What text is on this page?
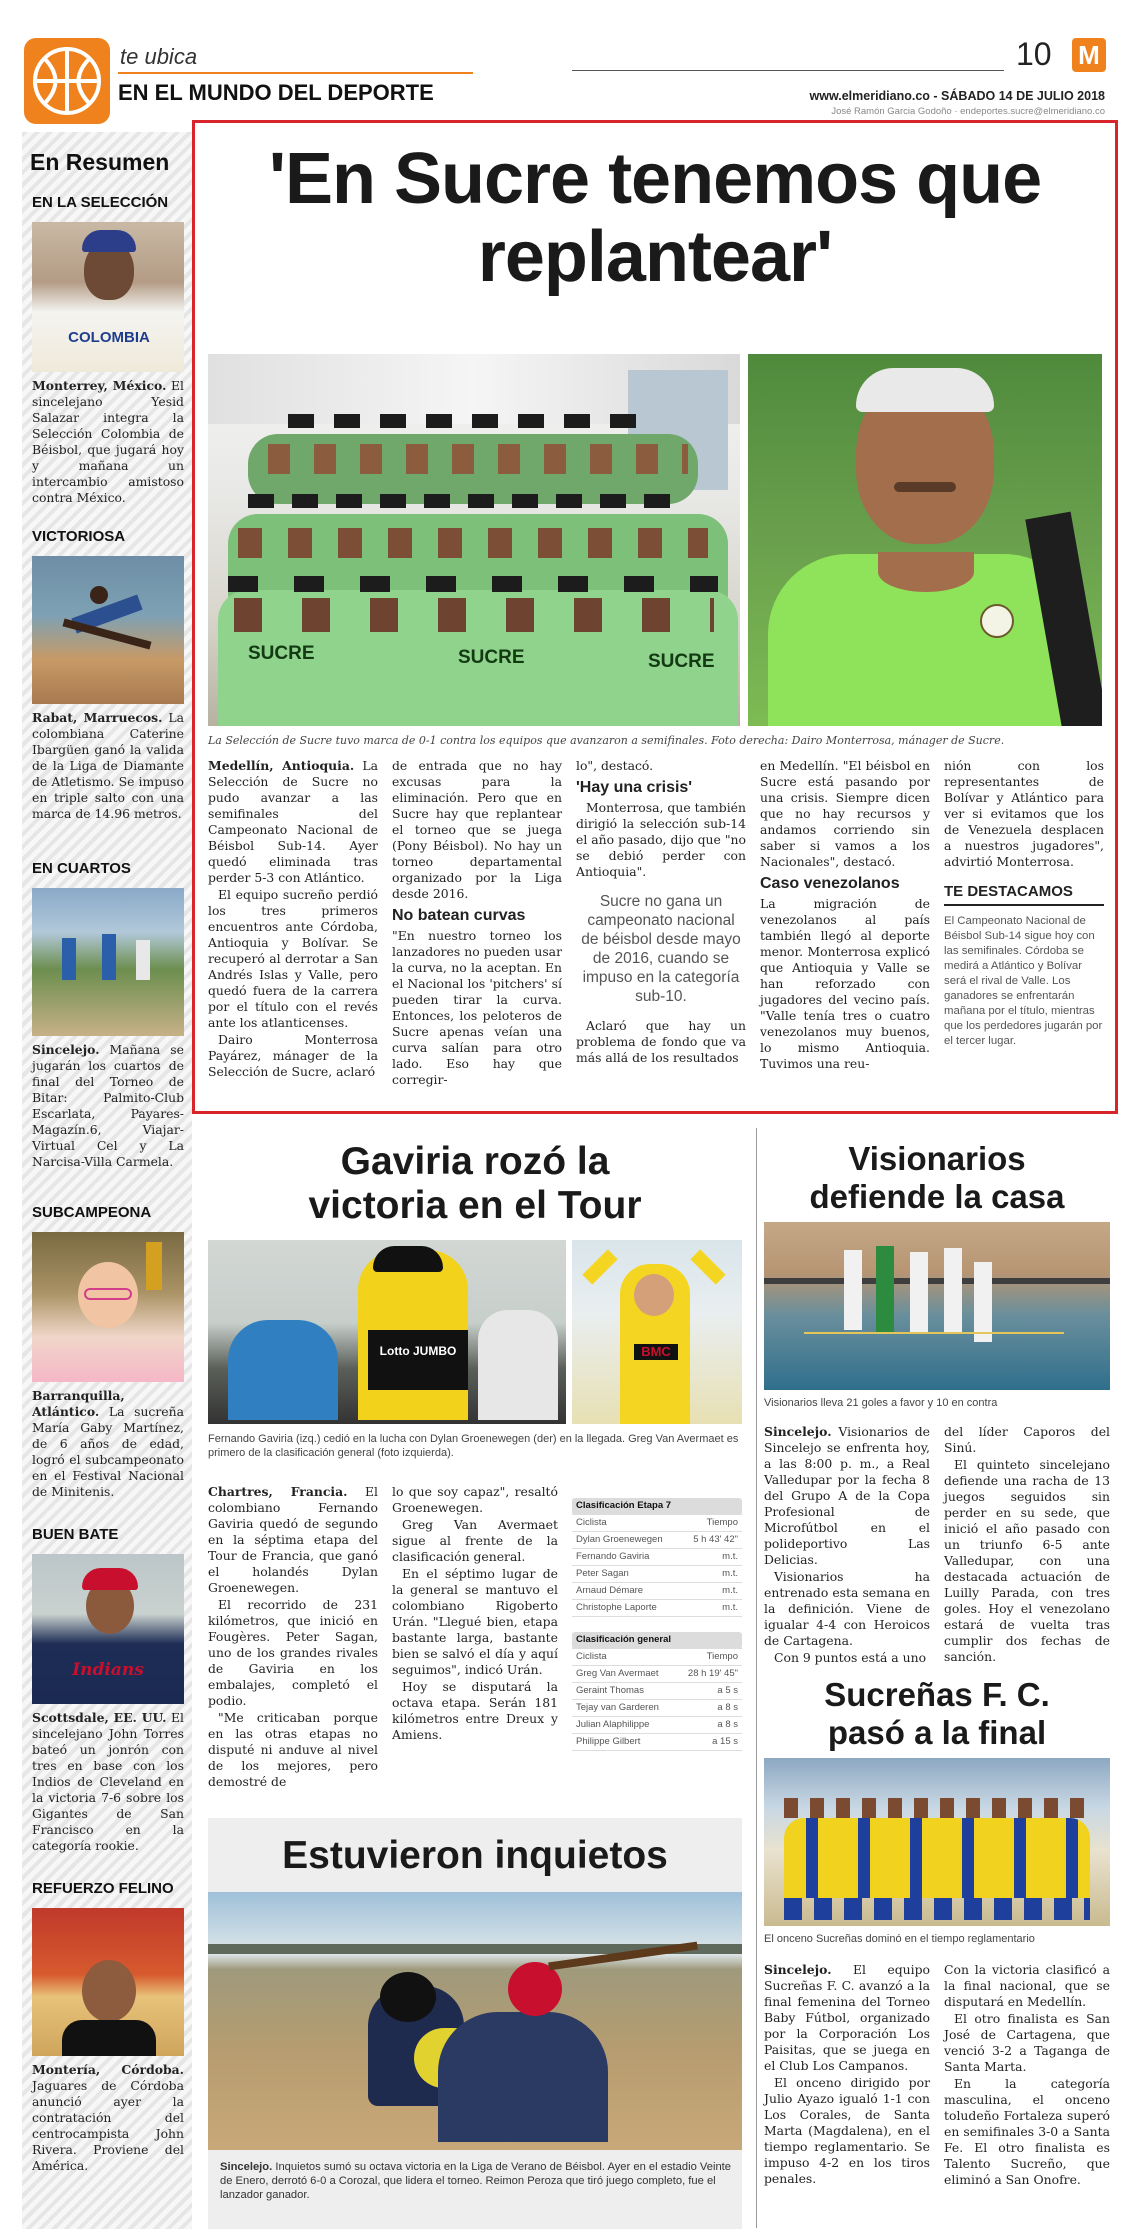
te ubica
EN EL MUNDO DEL DEPORTE
10 M
www.elmeridiano.co - SÁBADO 14 DE JULIO 2018
José Ramón Garcia Godoño · endeportes.sucre@elmeridiano.co
En Resumen
EN LA SELECCIÓN
COLOMBIA
Monterrey, México. El sincelejano Yesid Salazar integra la Selección Colombia de Béisbol, que jugará hoy y mañana un intercambio amistoso contra México.
VICTORIOSA
Rabat, Marruecos. La colombiana Caterine Ibargüen ganó la valida de la Liga de Diamante de Atletismo. Se impuso en triple salto con una marca de 14.96 metros.
EN CUARTOS
Sincelejo. Mañana se jugarán los cuartos de final del Torneo de Bitar: Palmito-Club Escarlata, Payares-Magazín.6, Viajar-Virtual Cel y La Narcisa-Villa Carmela.
SUBCAMPEONA
Barranquilla, Atlántico. La sucreña María Gaby Martínez, de 6 años de edad, logró el subcampeonato en el Festival Nacional de Minitenis.
BUEN BATE
Indians
Scottsdale, EE. UU. El sincelejano John Torres bateó un jonrón con tres en base con los Indios de Cleveland en la victoria 7-6 sobre los Gigantes de San Francisco en la categoría rookie.
REFUERZO FELINO
Montería, Córdoba. Jaguares de Córdoba anunció ayer la contratación del centrocampista John Rivera. Proviene del América.
'En Sucre tenemos que replantear'
SUCRE	SUCRE	SUCRE
La Selección de Sucre tuvo marca de 0-1 contra los equipos que avanzaron a semifinales. Foto derecha: Dairo Monterrosa, mánager de Sucre.

Medellín, Antioquia. La Selección de Sucre no pudo avanzar a las semifinales del Campeonato Nacional de Béisbol Sub-14. Ayer quedó eliminada tras perder 5-3 con Atlántico.

El equipo sucreño perdió los tres primeros encuentros ante Córdoba, Antioquia y Bolívar. Se recuperó al derrotar a San Andrés Islas y Valle, pero quedó fuera de la carrera por el título con el revés ante los atlanticenses.

Dairo Monterrosa Payárez, mánager de la Selección de Sucre, aclaró

de entrada que no hay excusas para la eliminación. Pero que en Sucre hay que replantear el torneo que se juega (Pony Béisbol). No hay un torneo departamental organizado por la Liga desde 2016.

No batean curvas

"En nuestro torneo los lanzadores no pueden usar la curva, no la aceptan. En el Nacional los 'pitchers' sí pueden tirar la curva. Entonces, los peloteros de Sucre apenas veían una curva salían para otro lado. Eso hay que corregir-

lo", destacó.

'Hay una crisis'

Monterrosa, que también dirigió la selección sub-14 el año pasado, dijo que "no se debió perder con Antioquia".

Sucre no gana un campeonato nacional de béisbol desde mayo de 2016, cuando se impuso en la categoría sub-10.

Aclaró que hay un problema de fondo que va más allá de los resultados

en Medellín. "El béisbol en Sucre está pasando por una crisis. Siempre dicen que no hay recursos y andamos corriendo sin saber si vamos a los Nacionales", destacó.

Caso venezolanos

La migración de venezolanos al país también llegó al deporte menor. Monterrosa explicó que Antioquia y Valle se han reforzado con jugadores del vecino país. "Valle tenía tres o cuatro venezolanos muy buenos, lo mismo Antioquia. Tuvimos una reu-

nión con los representantes de Bolívar y Atlántico para ver si evitamos que los de Venezuela desplacen a nuestros jugadores", advirtió Monterrosa.

TE DESTACAMOS

El Campeonato Nacional de Béisbol Sub-14 sigue hoy con las semifinales. Córdoba se medirá a Atlántico y Bolívar será el rival de Valle. Los ganadores se enfrentarán mañana por el título, mientras que los perdedores jugarán por el tercer lugar.

Gaviria rozó la
victoria en el Tour
Lotto JUMBO	BMC
Fernando Gaviria (izq.) cedió en la lucha con Dylan Groenewegen (der) en la llegada. Greg Van Avermaet es primero de la clasificación general (foto izquierda).

Chartres, Francia. El colombiano Fernando Gaviria quedó de segundo en la séptima etapa del Tour de Francia, que ganó el holandés Dylan Groenewegen.

El recorrido de 231 kilómetros, que inició en Fougères. Peter Sagan, uno de los grandes rivales de Gaviria en los embalajes, completó el podio.

"Me criticaban porque en las otras etapas no disputé ni anduve al nivel de los mejores, pero demostré de

lo que soy capaz", resaltó Groenewegen.

Greg Van Avermaet sigue al frente de la clasificación general.

En el séptimo lugar de la general se mantuvo el colombiano Rigoberto Urán. "Llegué bien, etapa bastante larga, bastante bien se salvó el día y aquí seguimos", indicó Urán.

Hoy se disputará la octava etapa. Serán 181 kilómetros entre Dreux y Amiens.

Clasificación Etapa 7	
Ciclista	Tiempo
Dylan Groenewegen	5 h 43' 42"
Fernando Gaviria	m.t.
Peter Sagan	m.t.
Arnaud Démare	m.t.
Christophe Laporte	m.t.
Clasificación general	
Ciclista	Tiempo
Greg Van Avermaet	28 h 19' 45"
Geraint Thomas	a 5 s
Tejay van Garderen	a 8 s
Julian Alaphilippe	a 8 s
Philippe Gilbert	a 15 s
Estuvieron inquietos
Sincelejo. Inquietos sumó su octava victoria en la Liga de Verano de Béisbol. Ayer en el estadio Veinte de Enero, derrotó 6-0 a Corozal, que lidera el torneo. Reimon Peroza que tiró juego completo, fue el lanzador ganador.
Visionarios
defiende la casa
Visionarios lleva 21 goles a favor y 10 en contra

Sincelejo. Visionarios de Sincelejo se enfrenta hoy, a las 8:00 p. m., a Real Valledupar por la fecha 8 del Grupo A de la Copa Profesional de Microfútbol en el polideportivo Las Delicias.

Visionarios ha entrenado esta semana en la definición. Viene de igualar 4-4 con Heroicos de Cartagena.

Con 9 puntos está a uno

del líder Caporos del Sinú.

El quinteto sincelejano defiende una racha de 13 juegos seguidos sin perder en su sede, que inició el año pasado con un triunfo 6-5 ante Valledupar, con una destacada actuación de Luilly Parada, con tres goles. Hoy el venezolano estará de vuelta tras cumplir dos fechas de sanción.

Sucreñas F. C.
pasó a la final
El onceno Sucreñas dominó en el tiempo reglamentario

Sincelejo. El equipo Sucreñas F. C. avanzó a la final femenina del Torneo Baby Fútbol, organizado por la Corporación Los Paisitas, que se juega en el Club Los Campanos.

El onceno dirigido por Julio Ayazo igualó 1-1 con Los Corales, de Santa Marta (Magdalena), en el tiempo reglamentario. Se impuso 4-2 en los tiros penales.

Con la victoria clasificó a la final nacional, que se disputará en Medellín.

El otro finalista es San José de Cartagena, que venció 3-2 a Taganga de Santa Marta.

En la categoría masculina, el onceno toludeño Fortaleza superó en semifinales 3-0 a Santa Fe. El otro finalista es Talento Sucreño, que eliminó a San Onofre.
